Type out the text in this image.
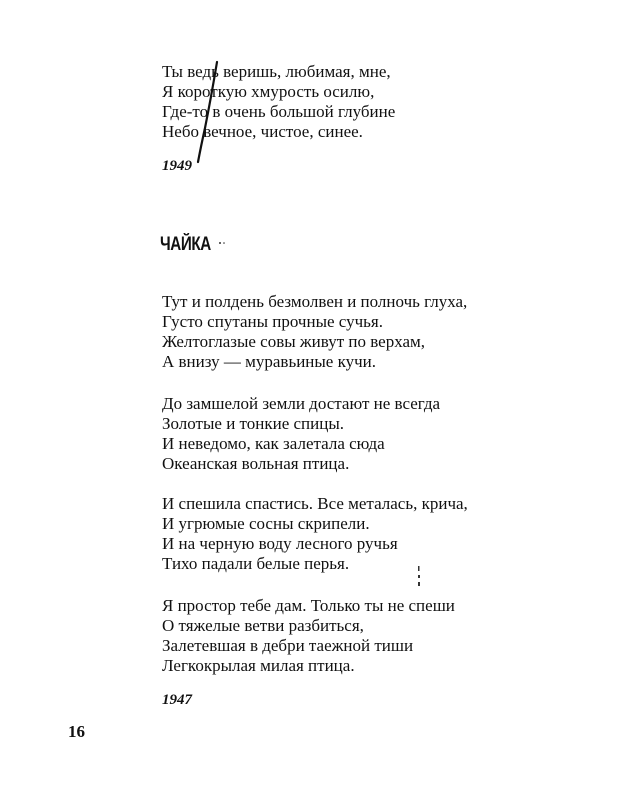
Ты ведь веришь, любимая, мне,
Я короткую хмурость осилю,
Где-то в очень большой глубине
Небо вечное, чистое, синее.
1949
ЧАЙКА
Тут и полдень безмолвен и полночь глуха,
Густо спутаны прочные сучья.
Желтоглазые совы живут по верхам,
А внизу — муравьиные кучи.
До замшелой земли достают не всегда
Золотые и тонкие спицы.
И неведомо, как залетала сюда
Океанская вольная птица.
И спешила спастись. Все металась, крича,
И угрюмые сосны скрипели.
И на черную воду лесного ручья
Тихо падали белые перья.
Я простор тебе дам. Только ты не спеши
О тяжелые ветви разбиться,
Залетевшая в дебри таежной тиши
Легкокрылая милая птица.
1947
16
